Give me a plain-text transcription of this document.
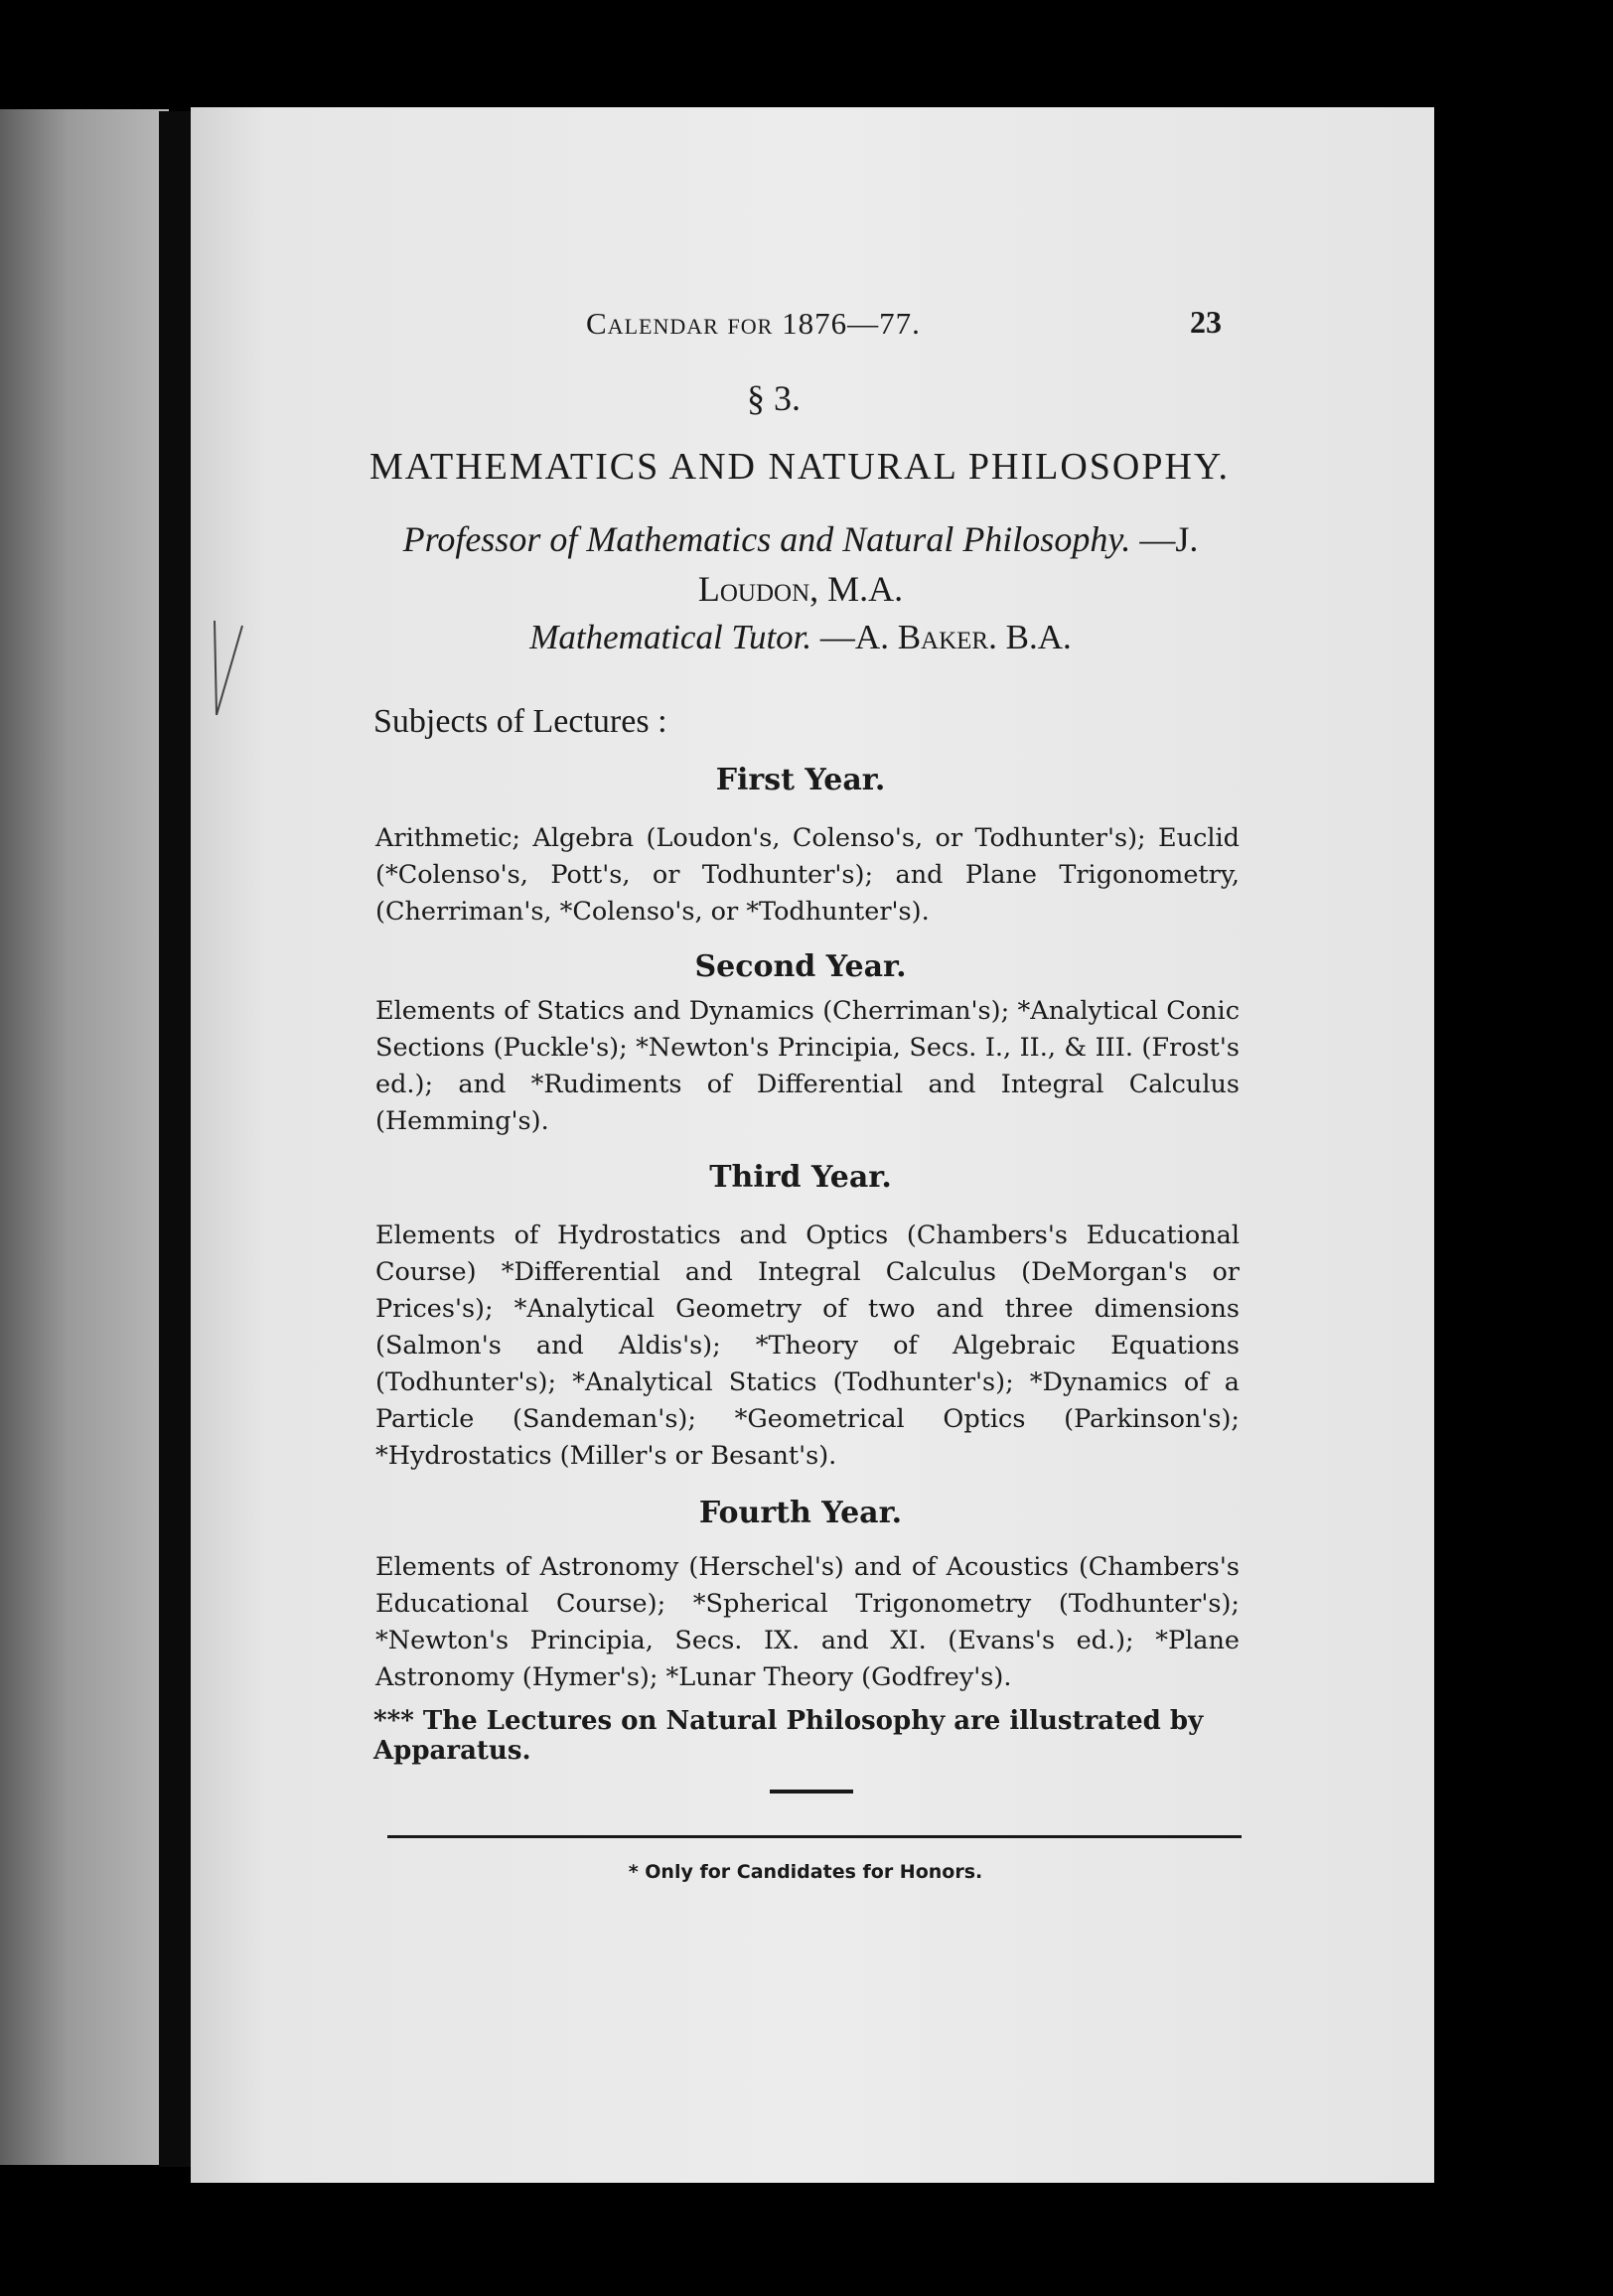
Calendar for 1876—77.	23
§ 3.
MATHEMATICS AND NATURAL PHILOSOPHY.
Professor of Mathematics and Natural Philosophy. —J. Loudon, M.A.
Mathematical Tutor. —A. Baker. B.A.
Subjects of Lectures :
First Year.
Arithmetic; Algebra (Loudon's, Colenso's, or Todhunter's); Euclid (*Colenso's, Pott's, or Todhunter's); and Plane Trigonometry, (Cherriman's, *Colenso's, or *Todhunter's).
Second Year.
Elements of Statics and Dynamics (Cherriman's); *Analytical Conic Sections (Puckle's); *Newton's Principia, Secs. I., II., & III. (Frost's ed.); and *Rudiments of Differential and Integral Calculus (Hemming's).
Third Year.
Elements of Hydrostatics and Optics (Chambers's Educational Course) *Differential and Integral Calculus (DeMorgan's or Prices's); *Analytical Geometry of two and three dimensions (Salmon's and Aldis's); *Theory of Algebraic Equations (Todhunter's); *Analytical Statics (Todhunter's); *Dynamics of a Particle (Sandeman's); *Geometrical Optics (Parkinson's); *Hydrostatics (Miller's or Besant's).
Fourth Year.
Elements of Astronomy (Herschel's) and of Acoustics (Chambers's Educational Course); *Spherical Trigonometry (Todhunter's); *Newton's Principia, Secs. IX. and XI. (Evans's ed.); *Plane Astronomy (Hymer's); *Lunar Theory (Godfrey's).
*** The Lectures on Natural Philosophy are illustrated by Apparatus.
* Only for Candidates for Honors.
